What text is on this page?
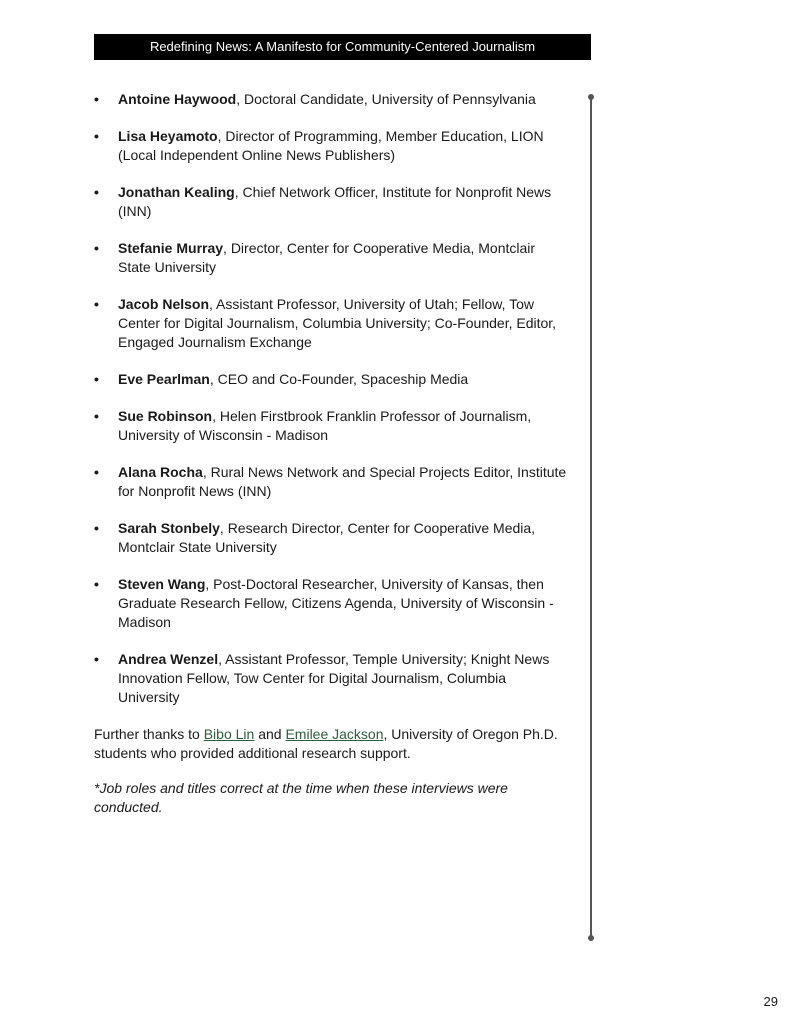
Redefining News: A Manifesto for Community-Centered Journalism
•	Antoine Haywood, Doctoral Candidate, University of Pennsylvania
•	Lisa Heyamoto, Director of Programming, Member Education, LION (Local Independent Online News Publishers)
•	Jonathan Kealing, Chief Network Officer, Institute for Nonprofit News (INN)
•	Stefanie Murray, Director, Center for Cooperative Media, Montclair State University
•	Jacob Nelson, Assistant Professor, University of Utah; Fellow, Tow Center for Digital Journalism, Columbia University; Co-Founder, Editor, Engaged Journalism Exchange
•	Eve Pearlman, CEO and Co-Founder, Spaceship Media
•	Sue Robinson, Helen Firstbrook Franklin Professor of Journalism, University of Wisconsin - Madison
•	Alana Rocha, Rural News Network and Special Projects Editor, Institute for Nonprofit News (INN)
•	Sarah Stonbely, Research Director, Center for Cooperative Media, Montclair State University
•	Steven Wang, Post-Doctoral Researcher, University of Kansas, then Graduate Research Fellow, Citizens Agenda, University of Wisconsin - Madison
•	Andrea Wenzel, Assistant Professor, Temple University; Knight News Innovation Fellow, Tow Center for Digital Journalism, Columbia University

Further thanks to Bibo Lin and Emilee Jackson, University of Oregon Ph.D. students who provided additional research support.

*Job roles and titles correct at the time when these interviews were conducted.

29
